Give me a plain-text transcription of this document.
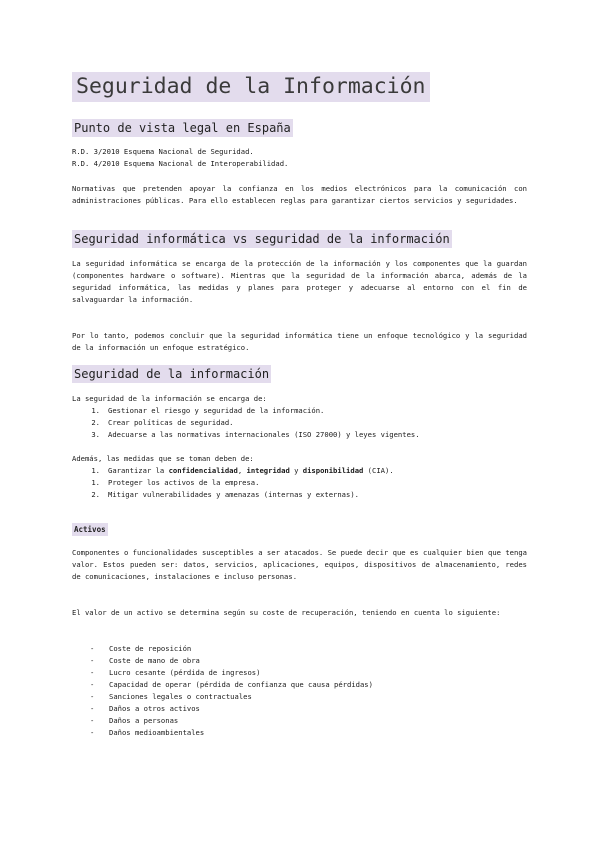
Seguridad de la Información
Punto de vista legal en España
R.D. 3/2010 Esquema Nacional de Seguridad.
R.D. 4/2010 Esquema Nacional de Interoperabilidad.

Normativas que pretenden apoyar la confianza en los medios electrónicos para la comunicación con administraciones públicas. Para ello establecen reglas para garantizar ciertos servicios y seguridades.

Seguridad informática vs seguridad de la información

La seguridad informática se encarga de la protección de la información y los componentes que la guardan (componentes hardware o software). Mientras que la seguridad de la información abarca, además de la seguridad informática, las medidas y planes para proteger y adecuarse al entorno con el fin de salvaguardar la información.

Por lo tanto, podemos concluir que la seguridad informática tiene un enfoque tecnológico y la seguridad de la información un enfoque estratégico.

Seguridad de la información
La seguridad de la información se encarga de:
1. Gestionar el riesgo y seguridad de la información.
2. Crear políticas de seguridad.
3. Adecuarse a las normativas internacionales (ISO 27000) y leyes vigentes.
Además, las medidas que se toman deben de:
1. Garantizar la confidencialidad, integridad y disponibilidad (CIA).
1. Proteger los activos de la empresa.
2. Mitigar vulnerabilidades y amenazas (internas y externas).
Activos

Componentes o funcionalidades susceptibles a ser atacados. Se puede decir que es cualquier bien que tenga valor. Estos pueden ser: datos, servicios, aplicaciones, equipos, dispositivos de almacenamiento, redes de comunicaciones, instalaciones e incluso personas.

El valor de un activo se determina según su coste de recuperación, teniendo en cuenta lo siguiente:

- Coste de reposición
- Coste de mano de obra
- Lucro cesante (pérdida de ingresos)
- Capacidad de operar (pérdida de confianza que causa pérdidas)
- Sanciones legales o contractuales
- Daños a otros activos
- Daños a personas
- Daños medioambientales
